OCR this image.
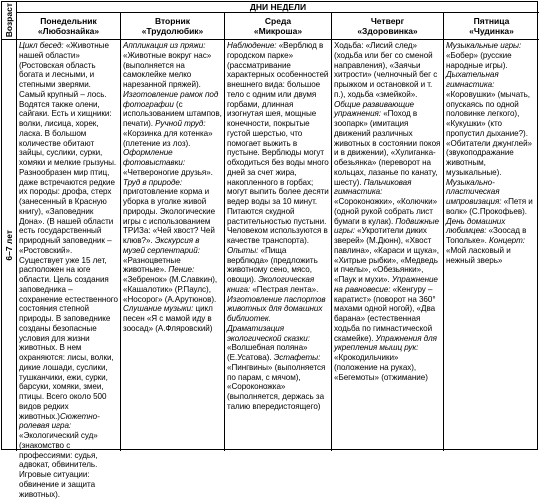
Возраст	ДНИ НЕДЕЛИ
Понедельник
«Любознайка»
Вторник
«Трудолюбик»
Среда
«Микроша»
Четверг
«Здоровинка»
Пятница
«Чудинка»
6–7 лет

Цикл бесед: «Животные нашей области» (Ростовская область богата и лесными, и степными зверями. Самый крупный – лось. Водятся также олени, сайгаки. Есть и хищники: волки, лисица, хорек, ласка. В большом количестве обитают зайцы, суслики, сурки, хомяки и мелкие грызуны. Разнообразен мир птиц, даже встречаются редкие их породы: дрофа, стерх (занесенный в Красную книгу), «Заповедник Дона». (В нашей области есть государственный природный заповедник – «Ростовский». Существует уже 15 лет, расположен на юге области. Цель создания заповедника – сохранение естественного состояния степной природы. В заповеднике созданы безопасные условия для жизни животных. В нем охраняются: лисы, волки, дикие лошади, суслики, тушканчики, ежи, сурки, барсуки, хомяки, змеи, птицы. Всего около 500 видов редких животных.)Сюжетно-ролевая игра: «Экологический суд» (знакомство с профессиями: судья, адвокат, обвинитель. Игровые ситуации: обвинение и защита животных).

Аппликация из пряжи: «Животные вокруг нас» (выполняется на самоклейке мелко нарезанной пряжей). Изготовление рамок под фотографии (с использованием штампов, печати). Ручной труд: «Корзинка для котенка» (плетение из лоз). Оформление фотовыставки: «Четвероногие друзья». Труд в природе: приготовление корма и уборка в уголке живой природы. Экологические игры с использованием ТРИЗа: «Чей хвост? Чей клюв?». Экскурсия в музей серпентарий: «Разноцветные животные». Пение: «Зебренок» (М.Славкин), «Кашалотик» (Р.Паулс), «Носорог» (А.Арутюнов). Слушание музыки: цикл песен «Я с мамой иду в зоосад» (А.Фляровский)

Наблюдение: «Верблюд в городском парке» (рассматривание характерных особенностей внешнего вида: большое тело с одним или двумя горбами, длинная изогнутая шея, мощные конечности, покрытые густой шерстью, что помогает выжить в пустыне. Верблюды могут обходиться без воды много дней за счет жира, накопленного в горбах; могут выпить более десяти ведер воды за 10 минут. Питаются скудной растительностью пустыни. Человеком используются в качестве транспорта). Опыты: «Пища верблюда» (предложить животному сено, мясо, овощи). Экологическая книга: «Пестрая лента». Изготовление паспортов животных для домашних библиотек. Драматизация экологической сказки: «Волшебная поляна» (Е.Усатова). Эстафеты: «Пингвины» (выполняется по парам, с мячом), «Сороконожка» (выполняется, держась за талию впередистоящего)

Ходьба: «Лисий след» (ходьба или бег со сменой направления), «Заячьи хитрости» (челночный бег с прыжком и остановкой и т. п.), ходьба «змейкой». Общие развивающие упражнения: «Поход в зоопарк» (имитация движений различных животных в состоянии покоя и в движении), «Хулиганка-обезьянка» (переворот на кольцах, лазанье по канату, шесту). Пальчиковая гимнастика: «Сороконожки», «Колючки» (одной рукой собрать лист бумаги в кулак). Подвижные игры: «Укротители диких зверей» (М.Дюнн), «Хвост павлина», «Караси и щука», «Хитрые рыбки», «Медведь и пчелы», «Обезьянки», «Паук и мухи». Упражнение на равновесие: «Кенгуру – каратист» (поворот на 360° махами одной ногой), «Два барана» (естественная ходьба по гимнастической скамейке). Упражнения для укрепления мышц рук: «Крокодильчики» (положение на руках), «Бегемоты» (отжимание)

Музыкальные игры: «Бобер» (русские народные игры). Дыхательная гимнастика: «Коровушки» (мычать, опускаясь по одной половинке легкого), «Кукушки» (кто пропустил дыхание?). «Обитатели джунглей» (звукоподражание животным, музыкальные). Музыкально-пластическая импровизация: «Петя и волк» (С.Прокофьев). День домашних любимцев: «Зоосад в Топольке». Концерт: «Мой ласковый и нежный зверь»
